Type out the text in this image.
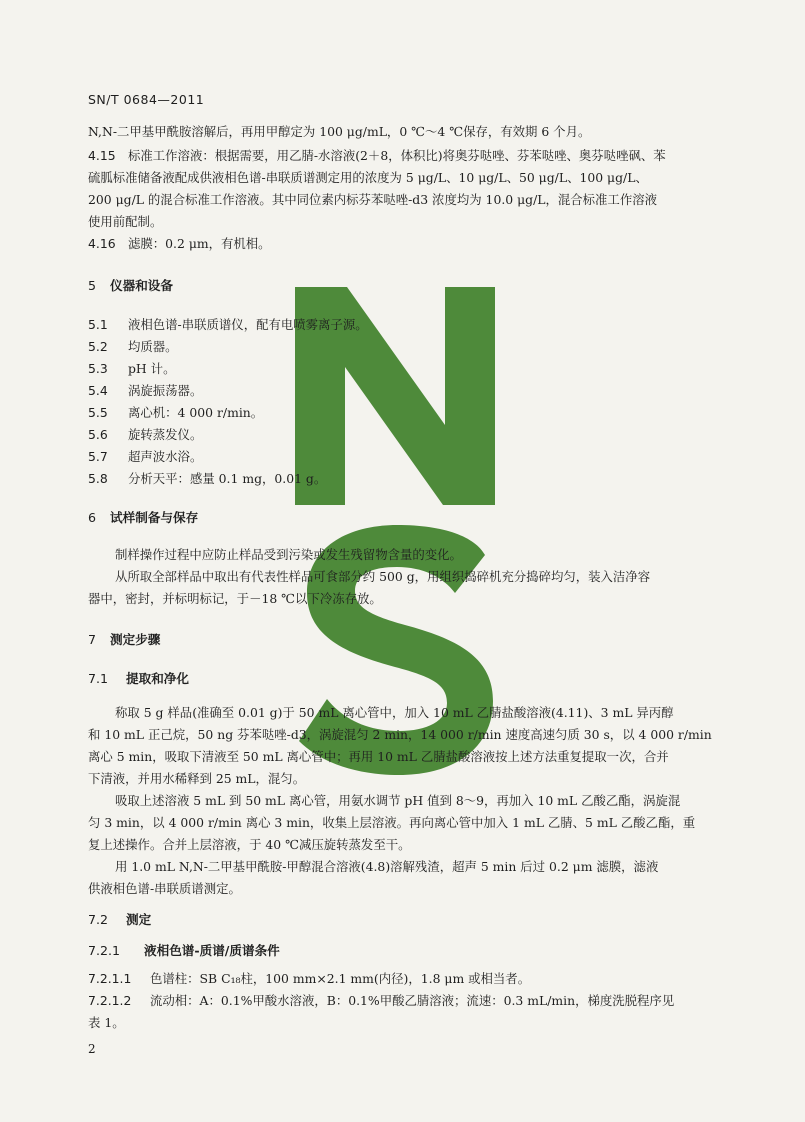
SN/T 0684—2011
N,N-二甲基甲酰胺溶解后，再用甲醇定为 100 μg/mL，0 ℃～4 ℃保存，有效期 6 个月。
4.15 标准工作溶液：根据需要，用乙腈-水溶液(2＋8，体积比)将奥芬哒唑、芬苯哒唑、奥芬哒唑砜、苯
硫胍标准储备液配成供液相色谱-串联质谱测定用的浓度为 5 μg/L、10 μg/L、50 μg/L、100 μg/L、
200 μg/L 的混合标准工作溶液。其中同位素内标芬苯哒唑-d3 浓度均为 10.0 μg/L，混合标准工作溶液
使用前配制。
4.16 滤膜：0.2 μm，有机相。
5 仪器和设备
5.1 液相色谱-串联质谱仪，配有电喷雾离子源。
5.2 均质器。
5.3 pH 计。
5.4 涡旋振荡器。
5.5 离心机：4 000 r/min。
5.6 旋转蒸发仪。
5.7 超声波水浴。
5.8 分析天平：感量 0.1 mg，0.01 g。
6 试样制备与保存
制样操作过程中应防止样品受到污染或发生残留物含量的变化。
从所取全部样品中取出有代表性样品可食部分约 500 g，用组织捣碎机充分捣碎均匀，装入洁净容
器中，密封，并标明标记，于－18 ℃以下冷冻存放。
7 测定步骤
7.1 提取和净化
称取 5 g 样品(准确至 0.01 g)于 50 mL 离心管中，加入 10 mL 乙腈盐酸溶液(4.11)、3 mL 异丙醇
和 10 mL 正己烷，50 ng 芬苯哒唑-d3，涡旋混匀 2 min，14 000 r/min 速度高速匀质 30 s，以 4 000 r/min
离心 5 min，吸取下清液至 50 mL 离心管中；再用 10 mL 乙腈盐酸溶液按上述方法重复提取一次，合并
下清液，并用水稀释到 25 mL，混匀。
吸取上述溶液 5 mL 到 50 mL 离心管，用氨水调节 pH 值到 8～9，再加入 10 mL 乙酸乙酯，涡旋混
匀 3 min，以 4 000 r/min 离心 3 min，收集上层溶液。再向离心管中加入 1 mL 乙腈、5 mL 乙酸乙酯，重
复上述操作。合并上层溶液，于 40 ℃减压旋转蒸发至干。
用 1.0 mL N,N-二甲基甲酰胺-甲醇混合溶液(4.8)溶解残渣，超声 5 min 后过 0.2 μm 滤膜，滤液
供液相色谱-串联质谱测定。
7.2 测定
7.2.1 液相色谱-质谱/质谱条件
7.2.1.1 色谱柱：SB C₁₈柱，100 mm×2.1 mm(内径)，1.8 μm 或相当者。
7.2.1.2 流动相：A：0.1%甲酸水溶液，B：0.1%甲酸乙腈溶液；流速：0.3 mL/min，梯度洗脱程序见
表 1。
2
